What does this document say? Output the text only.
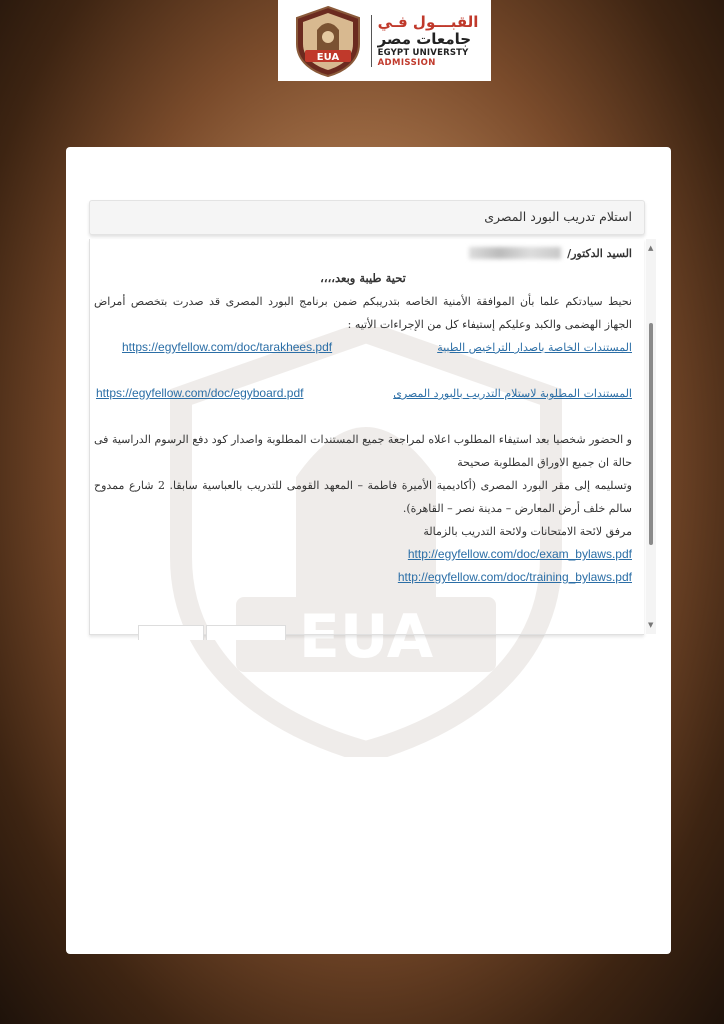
EUA
القبـــول فـي
جامعات مصر
EGYPT UNIVERSTY
ADMISSION
EUA
استلام تدريب البورد المصرى
السيد الدكتور/

تحية طيبة وبعد،،،،

نحيط سيادتكم علما بأن الموافقة الأمنية الخاصه بتدريبكم ضمن برنامج البورد المصرى قد صدرت بتخصص أمراض الجهاز الهضمى والكبد وعليكم إستيفاء كل من الإجراءات الأتيه :

المستندات الخاصة باصدار التراخيص الطبية
https://egyfellow.com/doc/tarakhees.pdf
المستندات المطلوبة لاستلام التدريب بالبورد المصرى
https://egyfellow.com/doc/egyboard.pdf

و الحضور شخصيا بعد استيفاء المطلوب اعلاه لمراجعة جميع المستندات المطلوبة واصدار كود دفع الرسوم الدراسية فى حالة ان جميع الاوراق المطلوبة صحيحة

وتسليمه إلى مقر البورد المصرى (أكاديمية الأميرة فاطمة – المعهد القومى للتدريب بالعباسية سابقا. 2 شارع ممدوح سالم خلف أرض المعارض – مدينة نصر – القاهرة).

مرفق لائحة الامتحانات ولائحة التدريب بالزمالة

http://egyfellow.com/doc/exam_bylaws.pdf

http://egyfellow.com/doc/training_bylaws.pdf

▲
▼
